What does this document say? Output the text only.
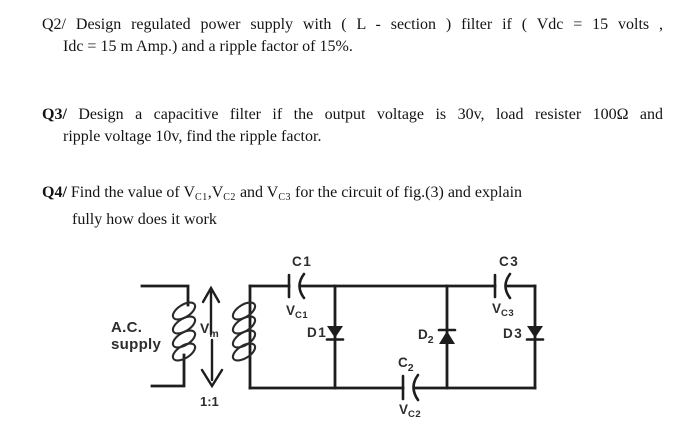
Q2/ Design regulated power supply with ( L - section ) filter if ( Vdc = 15 volts ,
Idc = 15 m Amp.) and a ripple factor of 15%.
Q3/ Design a capacitive filter if the output voltage is 30v, load resister 100Ω and
ripple voltage 10v, find the ripple factor.
Q4/ Find the value of VC1,VC2 and VC3 for the circuit of fig.(3) and explain
fully how does it work
A.C.
supply
$V_m$
1:1
C1
$V_{C1}$
D1	$D_2$
$C_2$
$V_{C2}$
C3
$V_{C3}$
D3
